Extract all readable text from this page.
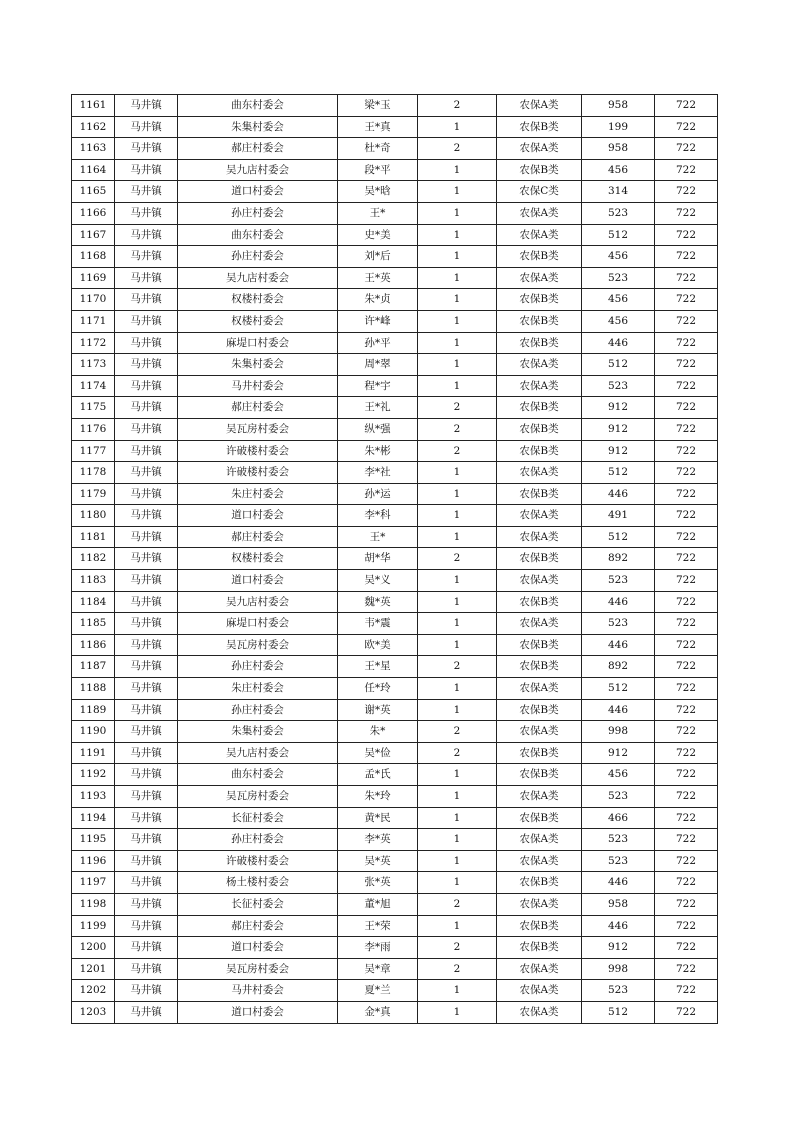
1161	马井镇	曲东村委会	梁*玉	2	农保A类	958	722
1162	马井镇	朱集村委会	王*真	1	农保B类	199	722
1163	马井镇	郝庄村委会	杜*奇	2	农保A类	958	722
1164	马井镇	吴九店村委会	段*平	1	农保B类	456	722
1165	马井镇	道口村委会	吴*晗	1	农保C类	314	722
1166	马井镇	孙庄村委会	王*	1	农保A类	523	722
1167	马井镇	曲东村委会	史*美	1	农保A类	512	722
1168	马井镇	孙庄村委会	刘*后	1	农保B类	456	722
1169	马井镇	吴九店村委会	王*英	1	农保A类	523	722
1170	马井镇	权楼村委会	朱*贞	1	农保B类	456	722
1171	马井镇	权楼村委会	许*峰	1	农保B类	456	722
1172	马井镇	麻堤口村委会	孙*平	1	农保B类	446	722
1173	马井镇	朱集村委会	周*翠	1	农保A类	512	722
1174	马井镇	马井村委会	程*宇	1	农保A类	523	722
1175	马井镇	郝庄村委会	王*礼	2	农保B类	912	722
1176	马井镇	吴瓦房村委会	纵*强	2	农保B类	912	722
1177	马井镇	许破楼村委会	朱*彬	2	农保B类	912	722
1178	马井镇	许破楼村委会	李*社	1	农保A类	512	722
1179	马井镇	朱庄村委会	孙*运	1	农保B类	446	722
1180	马井镇	道口村委会	李*科	1	农保A类	491	722
1181	马井镇	郝庄村委会	王*	1	农保A类	512	722
1182	马井镇	权楼村委会	胡*华	2	农保B类	892	722
1183	马井镇	道口村委会	吴*义	1	农保A类	523	722
1184	马井镇	吴九店村委会	魏*英	1	农保B类	446	722
1185	马井镇	麻堤口村委会	韦*震	1	农保A类	523	722
1186	马井镇	吴瓦房村委会	欧*美	1	农保B类	446	722
1187	马井镇	孙庄村委会	王*星	2	农保B类	892	722
1188	马井镇	朱庄村委会	任*玲	1	农保A类	512	722
1189	马井镇	孙庄村委会	谢*英	1	农保B类	446	722
1190	马井镇	朱集村委会	朱*	2	农保A类	998	722
1191	马井镇	吴九店村委会	吴*俭	2	农保B类	912	722
1192	马井镇	曲东村委会	孟*氏	1	农保B类	456	722
1193	马井镇	吴瓦房村委会	朱*玲	1	农保A类	523	722
1194	马井镇	长征村委会	黄*民	1	农保B类	466	722
1195	马井镇	孙庄村委会	李*英	1	农保A类	523	722
1196	马井镇	许破楼村委会	吴*英	1	农保A类	523	722
1197	马井镇	杨土楼村委会	张*英	1	农保B类	446	722
1198	马井镇	长征村委会	董*旭	2	农保A类	958	722
1199	马井镇	郝庄村委会	王*荣	1	农保B类	446	722
1200	马井镇	道口村委会	李*雨	2	农保B类	912	722
1201	马井镇	吴瓦房村委会	吴*章	2	农保A类	998	722
1202	马井镇	马井村委会	夏*兰	1	农保A类	523	722
1203	马井镇	道口村委会	金*真	1	农保A类	512	722
